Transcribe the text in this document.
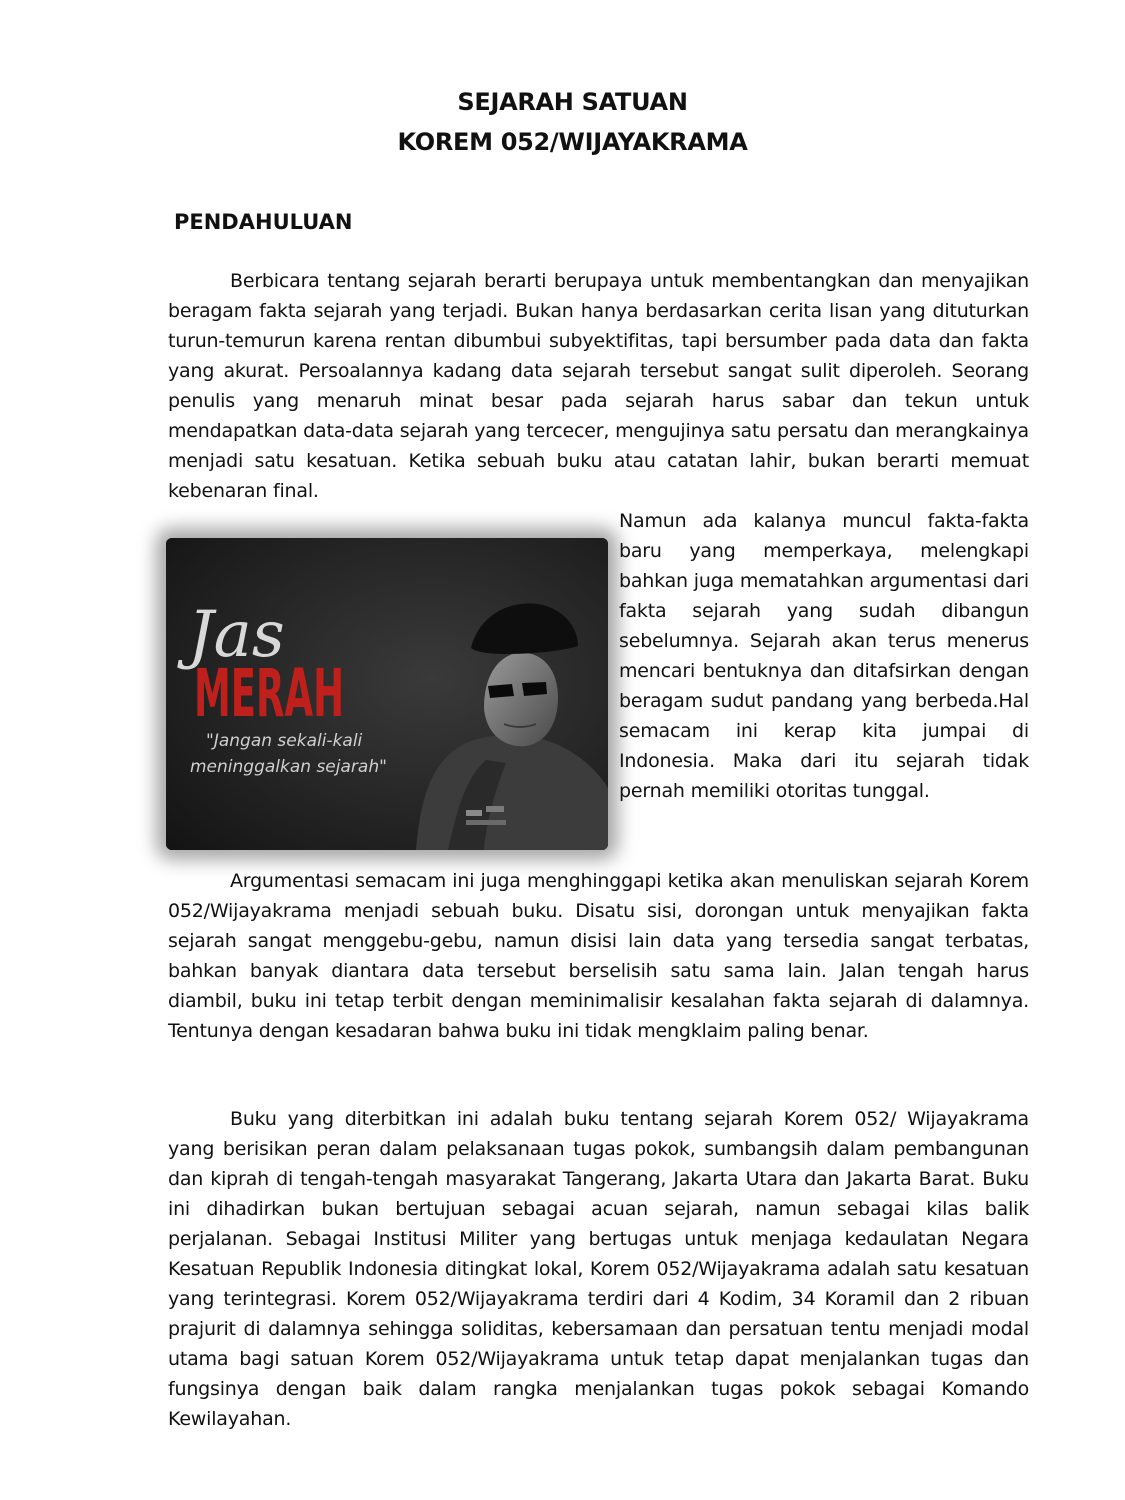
SEJARAH SATUAN
KOREM 052/WIJAYAKRAMA
PENDAHULUAN

Berbicara tentang sejarah berarti berupaya untuk membentangkan dan menyajikan beragam fakta sejarah yang terjadi. Bukan hanya berdasarkan cerita lisan yang dituturkan turun-temurun karena rentan dibumbui subyektifitas, tapi bersumber pada data dan fakta yang akurat. Persoalannya kadang data sejarah tersebut sangat sulit diperoleh. Seorang penulis yang menaruh minat besar pada sejarah harus sabar dan tekun untuk mendapatkan data-data sejarah yang tercecer, mengujinya satu persatu dan merangkainya menjadi satu kesatuan. Ketika sebuah buku atau catatan lahir, bukan berarti memuat kebenaran final.

Jas
MERAH
"Jangan sekali-kali
meninggalkan sejarah"

Namun ada kalanya muncul fakta-fakta baru yang memperkaya, melengkapi bahkan juga mematahkan argumentasi dari fakta sejarah yang sudah dibangun sebelumnya. Sejarah akan terus menerus mencari bentuknya dan ditafsirkan dengan beragam sudut pandang yang berbeda.Hal semacam ini kerap kita jumpai di Indonesia. Maka dari itu sejarah tidak pernah memiliki otoritas tunggal.

Argumentasi semacam ini juga menghinggapi ketika akan menuliskan sejarah Korem 052/Wijayakrama menjadi sebuah buku. Disatu sisi, dorongan untuk menyajikan fakta sejarah sangat menggebu-gebu, namun disisi lain data yang tersedia sangat terbatas, bahkan banyak diantara data tersebut berselisih satu sama lain. Jalan tengah harus diambil, buku ini tetap terbit dengan meminimalisir kesalahan fakta sejarah di dalamnya. Tentunya dengan kesadaran bahwa buku ini tidak mengklaim paling benar.

Buku yang diterbitkan ini adalah buku tentang sejarah Korem 052/ Wijayakrama yang berisikan peran dalam pelaksanaan tugas pokok, sumbangsih dalam pembangunan dan kiprah di tengah-tengah masyarakat Tangerang, Jakarta Utara dan Jakarta Barat. Buku ini dihadirkan bukan bertujuan sebagai acuan sejarah, namun sebagai kilas balik perjalanan. Sebagai Institusi Militer yang bertugas untuk menjaga kedaulatan Negara Kesatuan Republik Indonesia ditingkat lokal, Korem 052/Wijayakrama adalah satu kesatuan yang terintegrasi. Korem 052/Wijayakrama terdiri dari 4 Kodim, 34 Koramil dan 2 ribuan prajurit di dalamnya sehingga soliditas, kebersamaan dan persatuan tentu menjadi modal utama bagi satuan Korem 052/Wijayakrama untuk tetap dapat menjalankan tugas dan fungsinya dengan baik dalam rangka menjalankan tugas pokok sebagai Komando Kewilayahan.
